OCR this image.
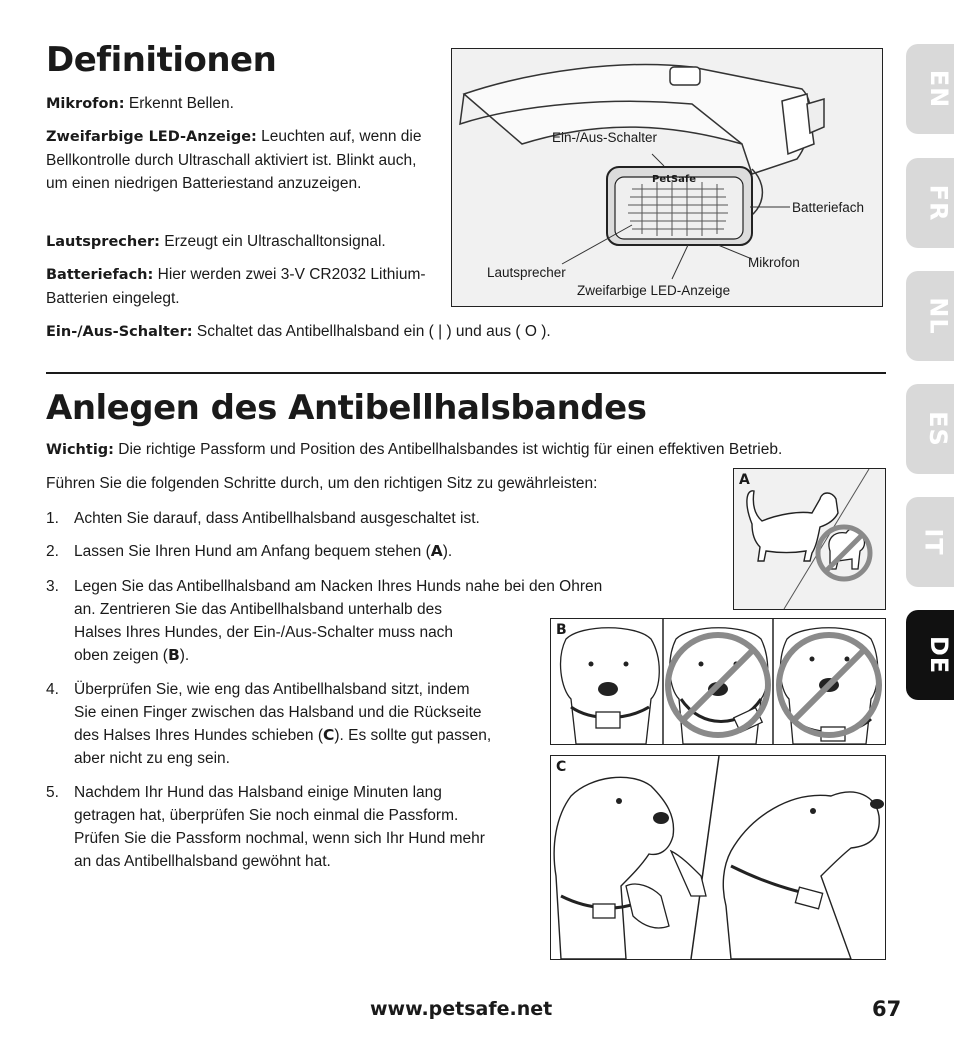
Definitionen

Mikrofon: Erkennt Bellen.

Zweifarbige LED-Anzeige: Leuchten auf, wenn die Bellkontrolle durch Ultraschall aktiviert ist. Blinkt auch, um einen niedrigen Batteriestand anzuzeigen.

Lautsprecher: Erzeugt ein Ultraschalltonsignal.

Batteriefach: Hier werden zwei 3-V CR2032 Lithium-Batterien eingelegt.

Ein-/Aus-Schalter: Schaltet das Antibellhalsband ein ( | ) und aus ( O ).

PetSafe
Ein-/Aus-Schalter
Batteriefach
Mikrofon
Lautsprecher
Zweifarbige LED-Anzeige
Anlegen des Antibellhalsbandes

Wichtig: Die richtige Passform und Position des Antibellhalsbandes ist wichtig für einen effektiven Betrieb.

Führen Sie die folgenden Schritte durch, um den richtigen Sitz zu gewährleisten:

1. Achten Sie darauf, dass Antibellhalsband ausgeschaltet ist.
2. Lassen Sie Ihren Hund am Anfang bequem stehen (A).
3. Legen Sie das Antibellhalsband am Nacken Ihres Hunds nahe bei den Ohren
an. Zentrieren Sie das Antibellhalsband unterhalb des
Halses Ihres Hundes, der Ein-/Aus-Schalter muss nach
oben zeigen (B).
4. Überprüfen Sie, wie eng das Antibellhalsband sitzt, indem
Sie einen Finger zwischen das Halsband und die Rückseite
des Halses Ihres Hundes schieben (C). Es sollte gut passen,
aber nicht zu eng sein.
5. Nachdem Ihr Hund das Halsband einige Minuten lang
getragen hat, überprüfen Sie noch einmal die Passform.
Prüfen Sie die Passform nochmal, wenn sich Ihr Hund mehr
an das Antibellhalsband gewöhnt hat.
A
B
C
EN
FR
NL
ES
IT
DE
www.petsafe.net	67
